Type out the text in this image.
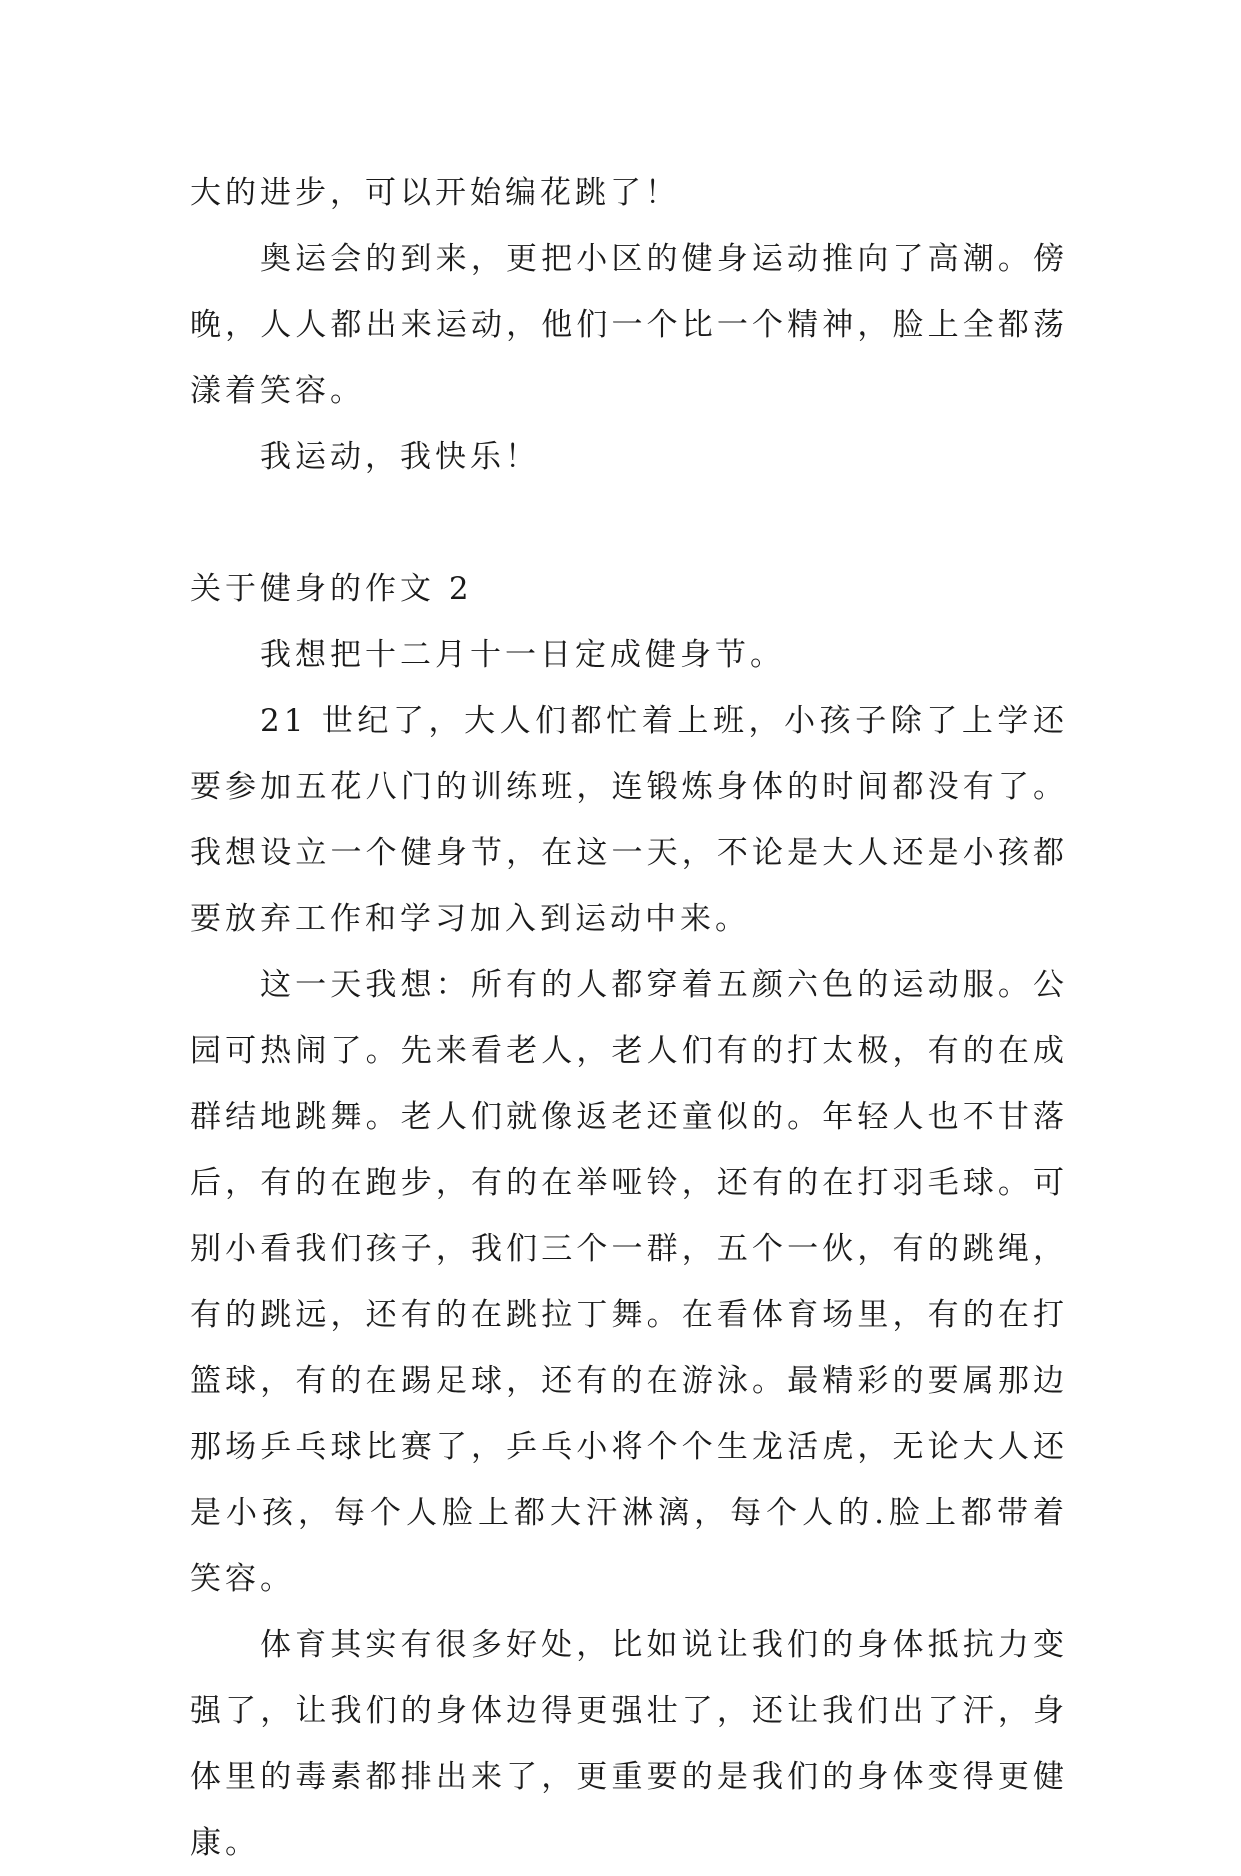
大的进步，可以开始编花跳了！

奥运会的到来，更把小区的健身运动推向了高潮。傍晚，人人都出来运动，他们一个比一个精神，脸上全都荡漾着笑容。

我运动，我快乐！

关于健身的作文 2

我想把十二月十一日定成健身节。

21 世纪了，大人们都忙着上班，小孩子除了上学还要参加五花八门的训练班，连锻炼身体的时间都没有了。我想设立一个健身节，在这一天，不论是大人还是小孩都要放弃工作和学习加入到运动中来。

这一天我想：所有的人都穿着五颜六色的运动服。公园可热闹了。先来看老人，老人们有的打太极，有的在成群结地跳舞。老人们就像返老还童似的。年轻人也不甘落后，有的在跑步，有的在举哑铃，还有的在打羽毛球。可别小看我们孩子，我们三个一群，五个一伙，有的跳绳，有的跳远，还有的在跳拉丁舞。在看体育场里，有的在打篮球，有的在踢足球，还有的在游泳。最精彩的要属那边那场乒乓球比赛了，乒乓小将个个生龙活虎，无论大人还是小孩，每个人脸上都大汗淋漓，每个人的.脸上都带着笑容。

体育其实有很多好处，比如说让我们的身体抵抗力变强了，让我们的身体边得更强壮了，还让我们出了汗，身体里的毒素都排出来了，更重要的是我们的身体变得更健康。
